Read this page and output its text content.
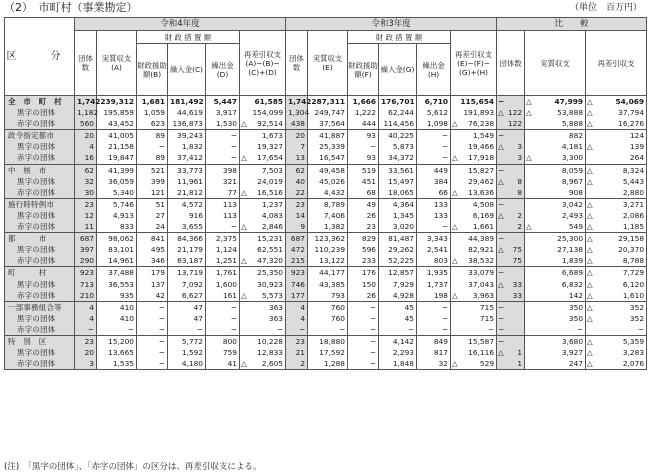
（2）　市町村（事業勘定）	（単位　百万円）
区　分	令和4年度						令和3年度						比　　較		
	団体数	実質収支(A)	財 政 措 置 額			再差引収支(A)−(B)−(C)+(D)	団体数	実質収支(E)	財 政 措 置 額			再差引収支(E)−(F)−(G)+(H)	団体数	実質収支	再差引収支
			財政援助額(B)	繰入金(C)	繰出金(D)				財政援助額(F)	繰入金(G)	繰出金(H)				
全　市　町　村	1,742	239,312	1,681	181,492	5,447	61,585	1,742	287,311	1,666	176,701	6,710	115,654	−	△ 47,999	△ 54,069

黒字の団体	1,182	195,859	1,059	44,619	3,917	154,099	1,304	249,747	1,222	62,244	5,612	191,893	△ 122	△ 53,888	△ 37,794

赤字の団体	560	43,452	623	136,873	1,530	△ 92,514	438	37,564	444	114,456	1,098	△ 76,238	122	5,888	△ 16,276

政令指定都市	20	41,005	89	39,243	−	1,673	20	41,887	93	40,225	−	1,549	−	882	124

黒字の団体	4	21,158	−	1,832	−	19,327	7	25,339	−	5,873	−	19,466	△ 3	4,181	△ 139

赤字の団体	16	19,847	89	37,412	−	△ 17,654	13	16,547	93	34,372	−	△ 17,918	3	△ 3,300	264

中　核　市	62	41,399	521	33,773	398	7,503	62	49,458	519	33,561	449	15,827	−	8,059	△ 8,324

黒字の団体	32	36,059	399	11,961	321	24,019	40	45,026	451	15,497	384	29,462	△ 8	8,967	△ 5,443

赤字の団体	30	5,340	121	21,812	77	△ 16,516	22	4,432	68	18,065	66	△ 13,636	8	908	2,880

施行時特例市	23	5,746	51	4,572	113	1,237	23	8,789	49	4,364	133	4,508	−	3,042	△ 3,271

黒字の団体	12	4,913	27	916	113	4,083	14	7,406	26	1,345	133	6,169	△ 2	2,493	△ 2,086

赤字の団体	11	833	24	3,655	−	△ 2,846	9	1,382	23	3,020	−	△ 1,661	2	△ 549	△ 1,185

都　　　市	687	98,062	841	84,366	2,375	15,231	687	123,362	829	81,487	3,343	44,389	−	25,300	△ 29,158

黒字の団体	397	83,101	495	21,179	1,124	62,551	472	110,239	596	29,262	2,541	82,921	△ 75	27,138	△ 20,370

赤字の団体	290	14,961	346	63,187	1,251	△ 47,320	215	13,122	233	52,225	803	△ 38,532	75	1,839	△ 8,788

町　　　村	923	37,488	179	13,719	1,761	25,350	923	44,177	176	12,857	1,935	33,079	−	6,689	△ 7,729

黒字の団体	713	36,553	137	7,092	1,600	30,923	746	43,385	150	7,929	1,737	37,043	△ 33	6,832	△ 6,120

赤字の団体	210	935	42	6,627	161	△ 5,573	177	793	26	4,928	198	△ 3,963	33	142	△ 1,610

一部事務組合等	4	410	−	47	−	363	4	760	−	45	−	715	−	350	△ 352

黒字の団体	4	410	−	47	−	363	4	760	−	45	−	715	−	350	△ 352

赤字の団体	−	−	−	−	−	−	−	−	−	−	−	−	−	−	−

特　別　区	23	15,200	−	5,772	800	10,228	23	18,880	−	4,142	849	15,587	−	3,680	△ 5,359

黒字の団体	20	13,665	−	1,592	759	12,833	21	17,592	−	2,293	817	16,116	△ 1	3,927	△ 3,283

赤字の団体	3	1,535	−	4,180	41	△ 2,605	2	1,288	−	1,848	32	△ 529	1	247	△ 2,076
(注)　「黒字の団体」、「赤字の団体」の区分は、再差引収支による。
